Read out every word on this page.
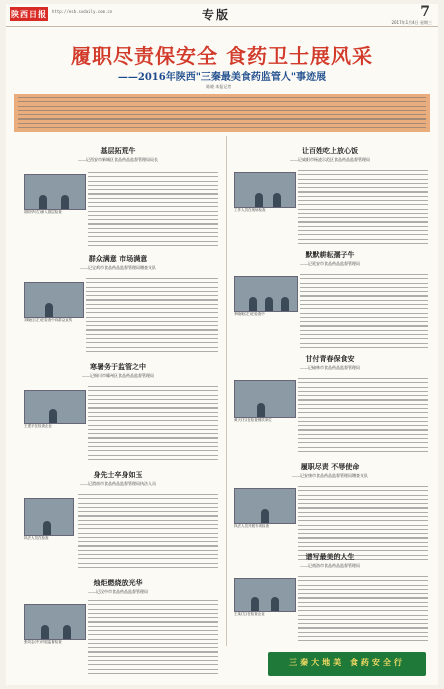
陕西日报 http://esb.sxdaily.com.cn	专版	7
2017年1月4日 星期三
履职尽责保安全 食药卫士展风采
——2016年陕西"三秦最美食药监管人"事迹展
陈晓 本报记者
基层拓荒牛
——记西安市新城区食品药品监督管理局局长
胡同华(右)深入基层检查
群众满意 市场满意
——记宝鸡市食品药品监督管理局稽查支队
刘晓红(左)在检查中向群众宣传
寒暑务于监管之中
——记铜川市耀州区食品药品监督管理局
王建平在检查企业
身先士卒身如玉
——记渭南市食品药品监督管理局执法人员
执法人员在检查
烛炬燃烧放光华
——记汉中市食品药品监督管理局
张同志(中)开展监督检查
让百姓吃上放心饭
——记咸阳市杨凌示范区食品药品监督管理局
工作人员在现场检查
默默耕耘孺子牛
——记延安市食品药品监督管理局
李晓明(左)在检查中
甘付青春保食安
——记榆林市食品药品监督管理局
黄天(右)在检查餐饮单位
履职尽责 不辱使命
——记安康市食品药品监督管理局稽查支队
执法人员开展专项检查
谱写最美的人生
——记商洛市食品药品监督管理局
王某(左)在检查企业
三秦大地美 食药安全行
